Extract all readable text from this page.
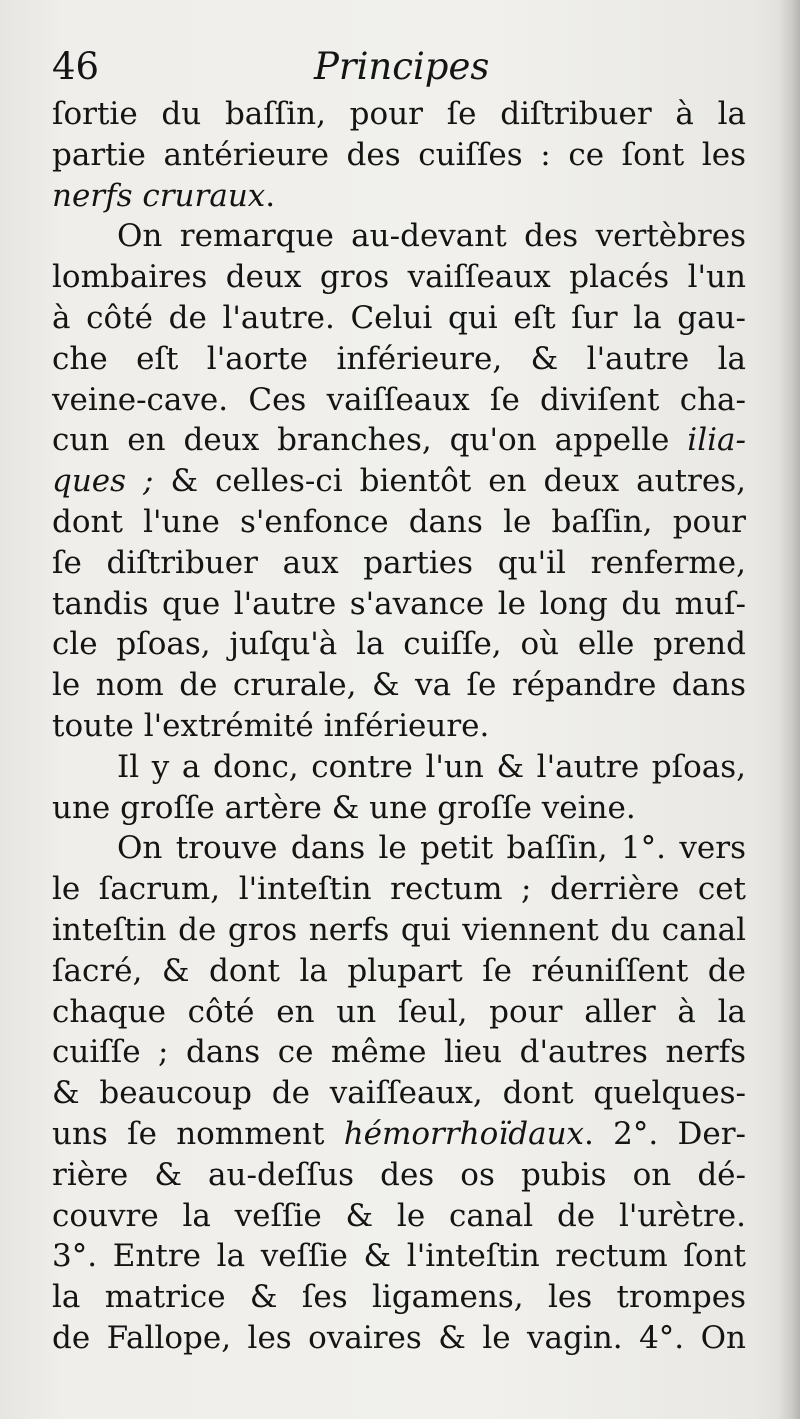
46	Principes
ſortie du baſſin, pour ſe diſtribuer à la
partie antérieure des cuiſſes : ce ſont les
nerfs cruraux.
On remarque au-devant des vertèbres
lombaires deux gros vaiſſeaux placés l'un
à côté de l'autre. Celui qui eſt ſur la gau-
che eſt l'aorte inférieure, & l'autre la
veine-cave. Ces vaiſſeaux ſe diviſent cha-
cun en deux branches, qu'on appelle ilia-
ques ; & celles-ci bientôt en deux autres,
dont l'une s'enfonce dans le baſſin, pour
ſe diſtribuer aux parties qu'il renferme,
tandis que l'autre s'avance le long du muſ-
cle pſoas, juſqu'à la cuiſſe, où elle prend
le nom de crurale, & va ſe répandre dans
toute l'extrémité inférieure.
Il y a donc, contre l'un & l'autre pſoas,
une groſſe artère & une groſſe veine.
On trouve dans le petit baſſin, 1°. vers
le ſacrum, l'inteſtin rectum ; derrière cet
inteſtin de gros nerfs qui viennent du canal
ſacré, & dont la plupart ſe réuniſſent de
chaque côté en un ſeul, pour aller à la
cuiſſe ; dans ce même lieu d'autres nerfs
& beaucoup de vaiſſeaux, dont quelques-
uns ſe nomment hémorrhoïdaux. 2°. Der-
rière & au-deſſus des os pubis on dé-
couvre la veſſie & le canal de l'urètre.
3°. Entre la veſſie & l'inteſtin rectum ſont
la matrice & ſes ligamens, les trompes
de Fallope, les ovaires & le vagin. 4°. On
